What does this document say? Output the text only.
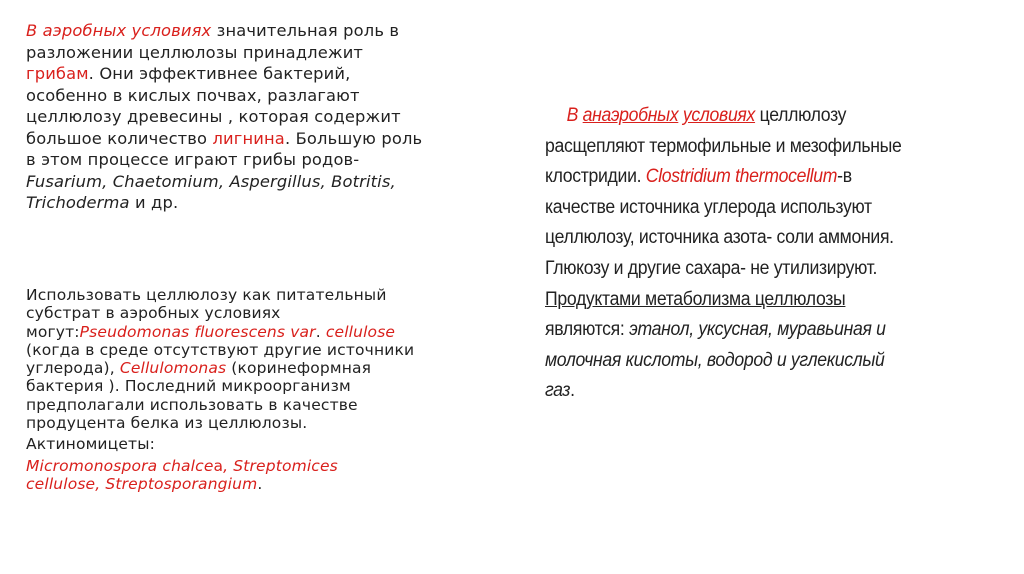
В аэробных условиях значительная роль в
разложении целлюлозы принадлежит
грибам. Они эффективнее бактерий,
особенно в кислых почвах, разлагают
целлюлозу древесины , которая содержит
большое количество лигнина. Большую роль
в этом процессе играют грибы родов-
Fusarium, Chaetomium, Aspergillus, Botritis,
Trichoderma и др.
Использовать целлюлозу как питательный
субстрат в аэробных условиях
могут:Pseudomonas fluorescens var. cellulose
(когда в среде отсутствуют другие источники
углерода), Cellulomonas (коринеформная
бактерия ). Последний микроорганизм
предполагали использовать в качестве
продуцента белка из целлюлозы.
Актиномицеты:
Micromonospora chalcea, Streptomices
cellulose, Streptosporangium.
В анаэробных условиях целлюлозу
расщепляют термофильные и мезофильные
клостридии. Clostridium thermocellum-в
качестве источника углерода используют
целлюлозу, источника азота- соли аммония.
Глюкозу и другие сахара- не утилизируют.
Продуктами метаболизма целлюлозы
являются: этанол, уксусная, муравьиная и
молочная кислоты, водород и углекислый
газ.
